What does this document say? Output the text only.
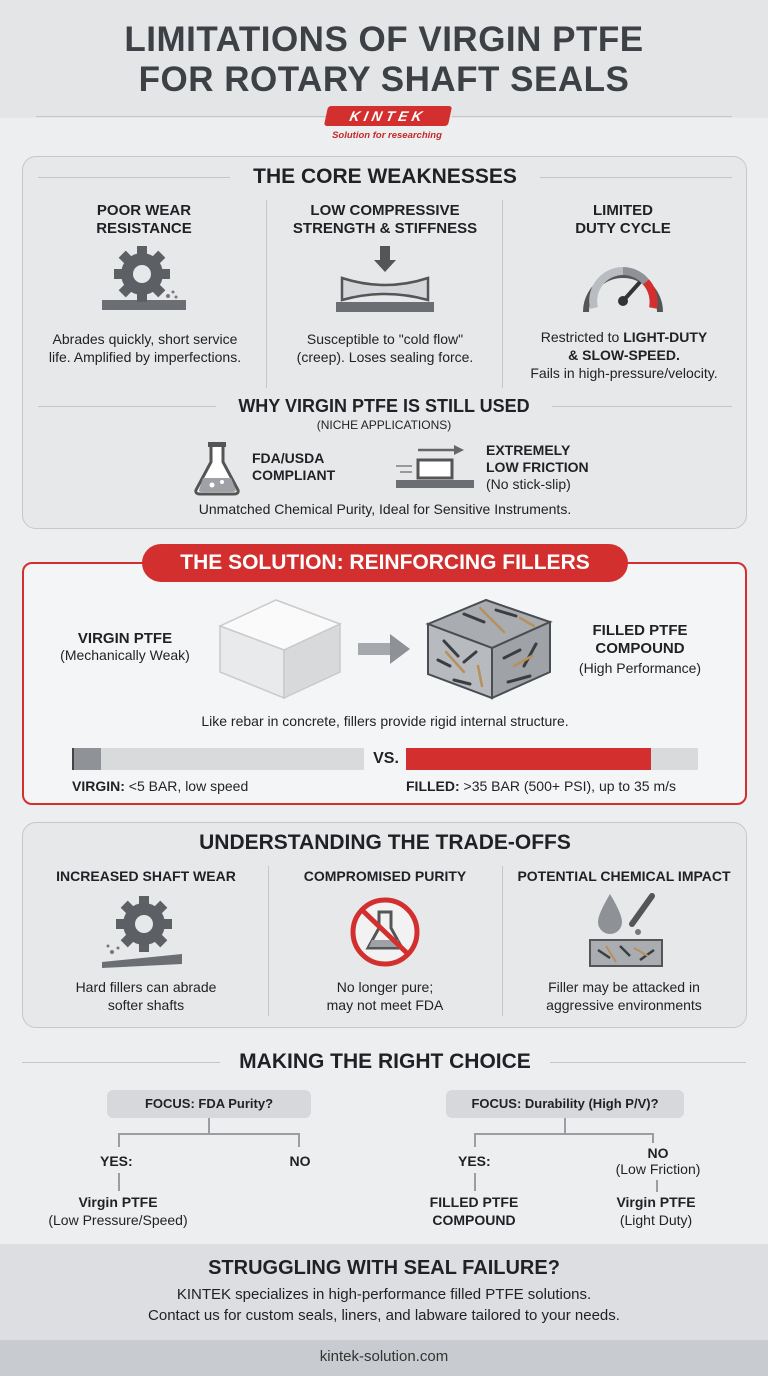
LIMITATIONS OF VIRGIN PTFE
FOR ROTARY SHAFT SEALS
KINTEK
Solution for researching
THE CORE WEAKNESSES
POOR WEAR
RESISTANCE
Abrades quickly, short service
life. Amplified by imperfections.
LOW COMPRESSIVE
STRENGTH & STIFFNESS
Susceptible to "cold flow"
(creep). Loses sealing force.
LIMITED
DUTY CYCLE
Restricted to LIGHT-DUTY
& SLOW-SPEED.
Fails in high-pressure/velocity.
WHY VIRGIN PTFE IS STILL USED
(NICHE APPLICATIONS)
FDA/USDA
COMPLIANT
EXTREMELY
LOW FRICTION
(No stick-slip)
Unmatched Chemical Purity, Ideal for Sensitive Instruments.
THE SOLUTION: REINFORCING FILLERS
VIRGIN PTFE
(Mechanically Weak)
FILLED PTFE
COMPOUND
(High Performance)
Like rebar in concrete, fillers provide rigid internal structure.
VS.
VIRGIN: <5 BAR, low speed	FILLED: >35 BAR (500+ PSI), up to 35 m/s
UNDERSTANDING THE TRADE-OFFS
INCREASED SHAFT WEAR
Hard fillers can abrade
softer shafts
COMPROMISED PURITY
No longer pure;
may not meet FDA
POTENTIAL CHEMICAL IMPACT
Filler may be attacked in
aggressive environments
MAKING THE RIGHT CHOICE
FOCUS: FDA Purity?
YES:	NO
Virgin PTFE
(Low Pressure/Speed)
FOCUS: Durability (High P/V)?
YES:	NO
(Low Friction)
FILLED PTFE
COMPOUND
Virgin PTFE
(Light Duty)
STRUGGLING WITH SEAL FAILURE?
KINTEK specializes in high-performance filled PTFE solutions.
Contact us for custom seals, liners, and labware tailored to your needs.
kintek-solution.com
